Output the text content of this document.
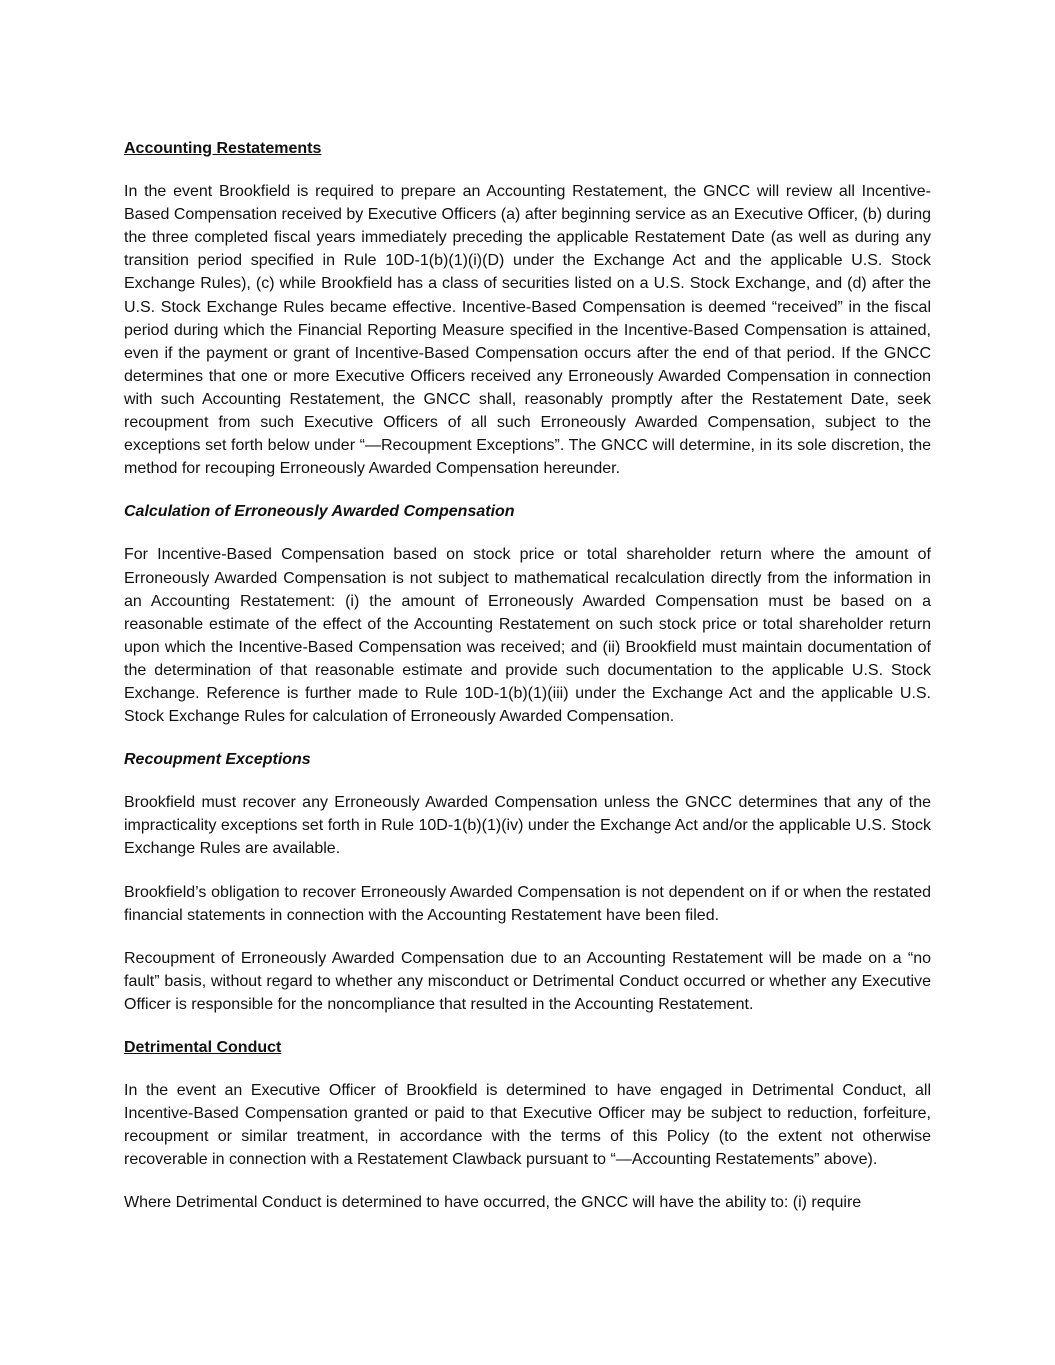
Accounting Restatements

In the event Brookfield is required to prepare an Accounting Restatement, the GNCC will review all Incentive-Based Compensation received by Executive Officers (a) after beginning service as an Executive Officer, (b) during the three completed fiscal years immediately preceding the applicable Restatement Date (as well as during any transition period specified in Rule 10D-1(b)(1)(i)(D) under the Exchange Act and the applicable U.S. Stock Exchange Rules), (c) while Brookfield has a class of securities listed on a U.S. Stock Exchange, and (d) after the U.S. Stock Exchange Rules became effective. Incentive-Based Compensation is deemed “received” in the fiscal period during which the Financial Reporting Measure specified in the Incentive-Based Compensation is attained, even if the payment or grant of Incentive-Based Compensation occurs after the end of that period. If the GNCC determines that one or more Executive Officers received any Erroneously Awarded Compensation in connection with such Accounting Restatement, the GNCC shall, reasonably promptly after the Restatement Date, seek recoupment from such Executive Officers of all such Erroneously Awarded Compensation, subject to the exceptions set forth below under “—Recoupment Exceptions”. The GNCC will determine, in its sole discretion, the method for recouping Erroneously Awarded Compensation hereunder.

Calculation of Erroneously Awarded Compensation

For Incentive-Based Compensation based on stock price or total shareholder return where the amount of Erroneously Awarded Compensation is not subject to mathematical recalculation directly from the information in an Accounting Restatement: (i) the amount of Erroneously Awarded Compensation must be based on a reasonable estimate of the effect of the Accounting Restatement on such stock price or total shareholder return upon which the Incentive-Based Compensation was received; and (ii) Brookfield must maintain documentation of the determination of that reasonable estimate and provide such documentation to the applicable U.S. Stock Exchange. Reference is further made to Rule 10D-1(b)(1)(iii) under the Exchange Act and the applicable U.S. Stock Exchange Rules for calculation of Erroneously Awarded Compensation.

Recoupment Exceptions

Brookfield must recover any Erroneously Awarded Compensation unless the GNCC determines that any of the impracticality exceptions set forth in Rule 10D-1(b)(1)(iv) under the Exchange Act and/or the applicable U.S. Stock Exchange Rules are available.

Brookfield’s obligation to recover Erroneously Awarded Compensation is not dependent on if or when the restated financial statements in connection with the Accounting Restatement have been filed.

Recoupment of Erroneously Awarded Compensation due to an Accounting Restatement will be made on a “no fault” basis, without regard to whether any misconduct or Detrimental Conduct occurred or whether any Executive Officer is responsible for the noncompliance that resulted in the Accounting Restatement.

Detrimental Conduct

In the event an Executive Officer of Brookfield is determined to have engaged in Detrimental Conduct, all Incentive-Based Compensation granted or paid to that Executive Officer may be subject to reduction, forfeiture, recoupment or similar treatment, in accordance with the terms of this Policy (to the extent not otherwise recoverable in connection with a Restatement Clawback pursuant to “—Accounting Restatements” above).

Where Detrimental Conduct is determined to have occurred, the GNCC will have the ability to: (i) require
